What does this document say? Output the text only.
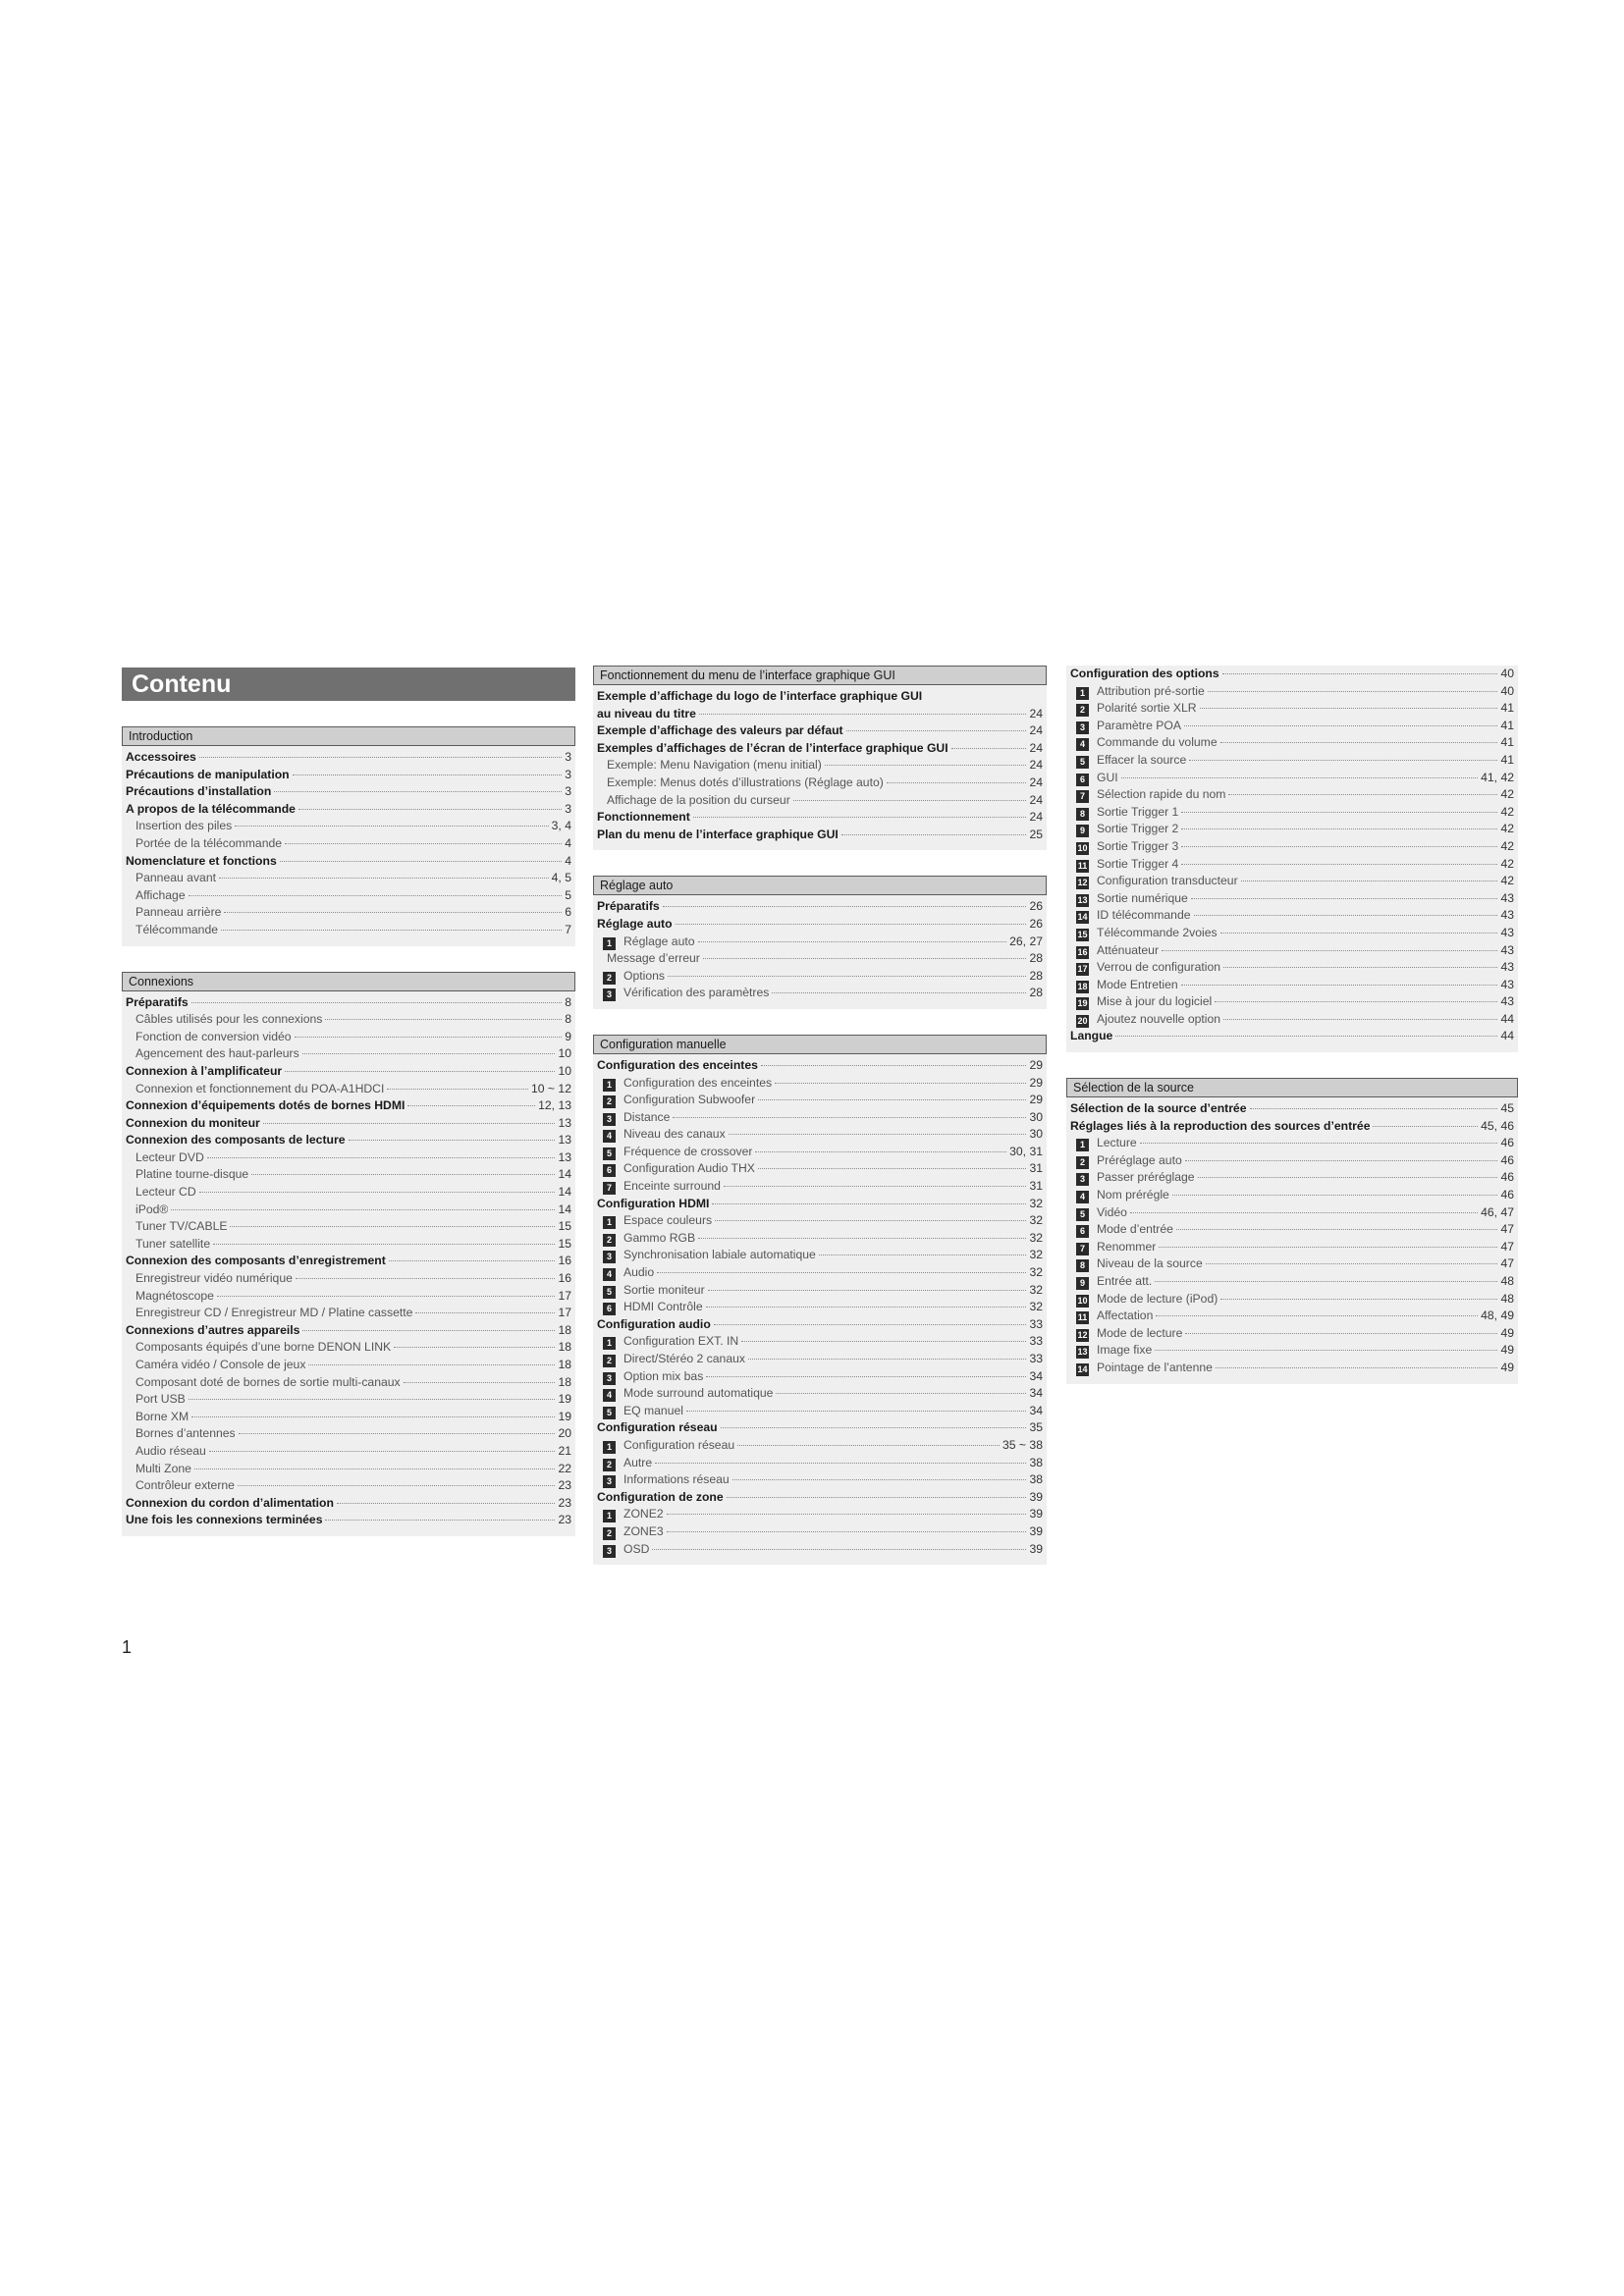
Contenu
Introduction
Accessoires	3
Précautions de manipulation	3
Précautions d’installation	3
A propos de la télécommande	3
Insertion des piles	3, 4
Portée de la télécommande	4
Nomenclature et fonctions	4
Panneau avant	4, 5
Affichage	5
Panneau arrière	6
Télécommande	7
Connexions
Préparatifs	8
Câbles utilisés pour les connexions	8
Fonction de conversion vidéo	9
Agencement des haut-parleurs	10
Connexion à l’amplificateur	10
Connexion et fonctionnement du POA-A1HDCI	10 ~ 12
Connexion d’équipements dotés de bornes HDMI	12, 13
Connexion du moniteur	13
Connexion des composants de lecture	13
Lecteur DVD	13
Platine tourne-disque	14
Lecteur CD	14
iPod®	14
Tuner TV/CABLE	15
Tuner satellite	15
Connexion des composants d’enregistrement	16
Enregistreur vidéo numérique	16
Magnétoscope	17
Enregistreur CD / Enregistreur MD / Platine cassette	17
Connexions d’autres appareils	18
Composants équipés d’une borne DENON LINK	18
Caméra vidéo / Console de jeux	18
Composant doté de bornes de sortie multi-canaux	18
Port USB	19
Borne XM	19
Bornes d’antennes	20
Audio réseau	21
Multi Zone	22
Contrôleur externe	23
Connexion du cordon d’alimentation	23
Une fois les connexions terminées	23
Fonctionnement du menu de l’interface graphique GUI
Exemple d’affichage du logo de l’interface graphique GUI
au niveau du titre	24
Exemple d’affichage des valeurs par défaut	24
Exemples d’affichages de l’écran de l’interface graphique GUI	24
Exemple: Menu Navigation (menu initial)	24
Exemple: Menus dotés d’illustrations (Réglage auto)	24
Affichage de la position du curseur	24
Fonctionnement	24
Plan du menu de l’interface graphique GUI	25
Réglage auto
Préparatifs	26
Réglage auto	26
1 Réglage auto	26, 27
Message d’erreur	28
2 Options	28
3 Vérification des paramètres	28
Configuration manuelle
Configuration des enceintes	29
1 Configuration des enceintes	29
2 Configuration Subwoofer	29
3 Distance	30
4 Niveau des canaux	30
5 Fréquence de crossover	30, 31
6 Configuration Audio THX	31
7 Enceinte surround	31
Configuration HDMI	32
1 Espace couleurs	32
2 Gammo RGB	32
3 Synchronisation labiale automatique	32
4 Audio	32
5 Sortie moniteur	32
6 HDMI Contrôle	32
Configuration audio	33
1 Configuration EXT. IN	33
2 Direct/Stéréo 2 canaux	33
3 Option mix bas	34
4 Mode surround automatique	34
5 EQ manuel	34
Configuration réseau	35
1 Configuration réseau	35 ~ 38
2 Autre	38
3 Informations réseau	38
Configuration de zone	39
1 ZONE2	39
2 ZONE3	39
3 OSD	39
Configuration des options	40
1 Attribution pré-sortie	40
2 Polarité sortie XLR	41
3 Paramètre POA	41
4 Commande du volume	41
5 Effacer la source	41
6 GUI	41, 42
7 Sélection rapide du nom	42
8 Sortie Trigger 1	42
9 Sortie Trigger 2	42
10 Sortie Trigger 3	42
11 Sortie Trigger 4	42
12 Configuration transducteur	42
13 Sortie numérique	43
14 ID télécommande	43
15 Télécommande 2voies	43
16 Atténuateur	43
17 Verrou de configuration	43
18 Mode Entretien	43
19 Mise à jour du logiciel	43
20 Ajoutez nouvelle option	44
Langue	44
Sélection de la source
Sélection de la source d’entrée	45
Réglages liés à la reproduction des sources d’entrée	45, 46
1 Lecture	46
2 Préréglage auto	46
3 Passer préréglage	46
4 Nom prérégle	46
5 Vidéo	46, 47
6 Mode d’entrée	47
7 Renommer	47
8 Niveau de la source	47
9 Entrée att.	48
10 Mode de lecture (iPod)	48
11 Affectation	48, 49
12 Mode de lecture	49
13 Image fixe	49
14 Pointage de l’antenne	49
1
